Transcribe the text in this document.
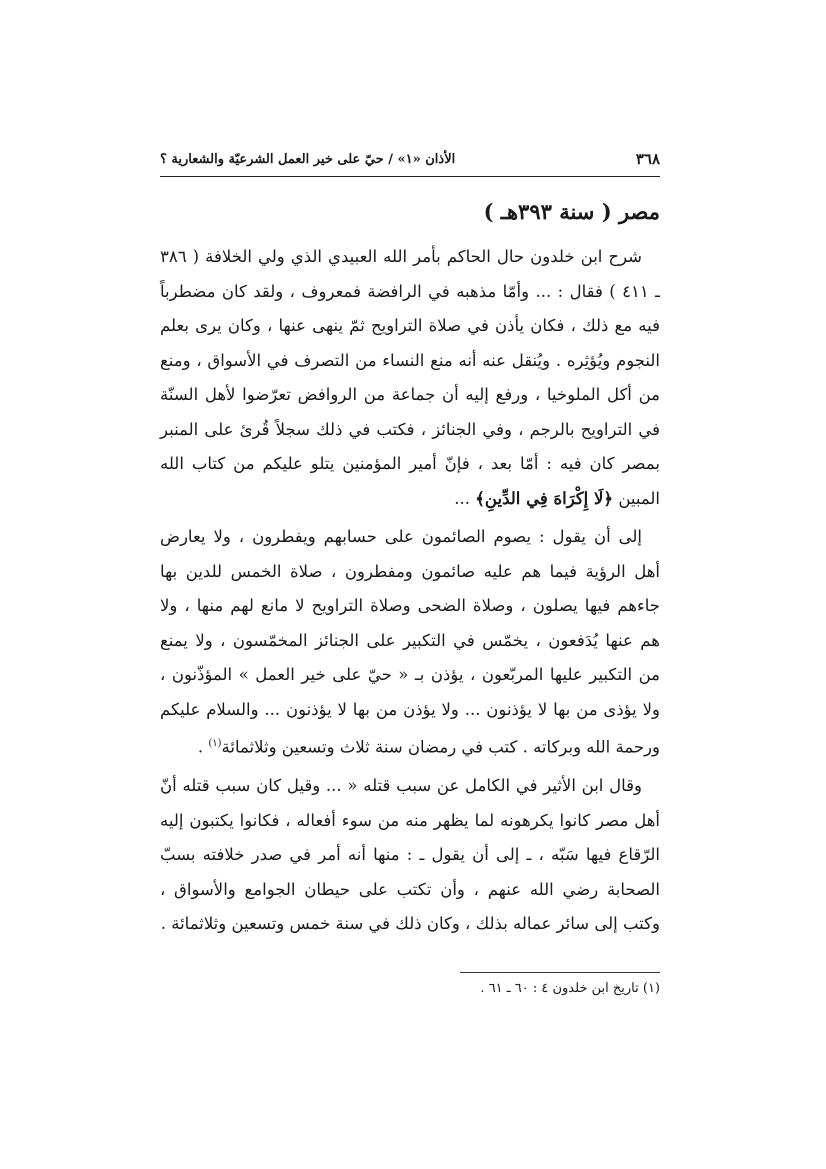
٣٦٨
الأذان «١» / حيّ على خير العمل الشرعيّة والشعارية ؟
مصر ( سنة ٣٩٣هـ )

شرح ابن خلدون حال الحاكم بأمر الله العبيدي الذي ولي الخلافة ( ٣٨٦ ـ ٤١١ ) فقال : ... وأمّا مذهبه في الرافضة فمعروف ، ولقد كان مضطرباً فيه مع ذلك ، فكان يأذن في صلاة التراويح ثمّ ينهى عنها ، وكان يرى بعلم النجوم ويُؤثِره . ويُنقل عنه أنه منع النساء من التصرف في الأسواق ، ومنع من أكل الملوخيا ، ورفع إليه أن جماعة من الروافض تعرّضوا لأهل السنّة في التراويح بالرجم ، وفي الجنائز ، فكتب في ذلك سجلاً قُرئ على المنبر بمصر كان فيه : أمّا بعد ، فإنّ أمير المؤمنين يتلو عليكم من كتاب الله المبين ﴿لَا إِكْرَاهَ فِي الدِّينِ﴾ ...

إلى أن يقول : يصوم الصائمون على حسابهم ويفطرون ، ولا يعارض أهل الرؤية فيما هم عليه صائمون ومفطرون ، صلاة الخمس للدين بها جاءهم فيها يصلون ، وصلاة الضحى وصلاة التراويح لا مانع لهم منها ، ولا هم عنها يُدَفعون ، يخمّس في التكبير على الجنائز المخمّسون ، ولا يمنع من التكبير عليها المربّعون ، يؤذن بـ « حيّ على خير العمل » المؤذّنون ، ولا يؤذى من بها لا يؤذنون ... ولا يؤذن من بها لا يؤذنون ... والسلام عليكم ورحمة الله وبركاته . كتب في رمضان سنة ثلاث وتسعين وثلاثمائة$^{(١)}$ .

وقال ابن الأثير في الكامل عن سبب قتله « ... وقيل كان سبب قتله أنّ أهل مصر كانوا يكرهونه لما يظهر منه من سوء أفعاله ، فكانوا يكتبون إليه الرّقاع فيها سَبّه ، ـ إلى أن يقول ـ : منها أنه أمر في صدر خلافته بسبّ الصحابة رضي الله عنهم ، وأن تكتب على حيطان الجوامع والأسواق ، وكتب إلى سائر عماله بذلك ، وكان ذلك في سنة خمس وتسعين وثلاثمائة .

(١) تاريخ ابن خلدون ٤ : ٦٠ ـ ٦١ .
